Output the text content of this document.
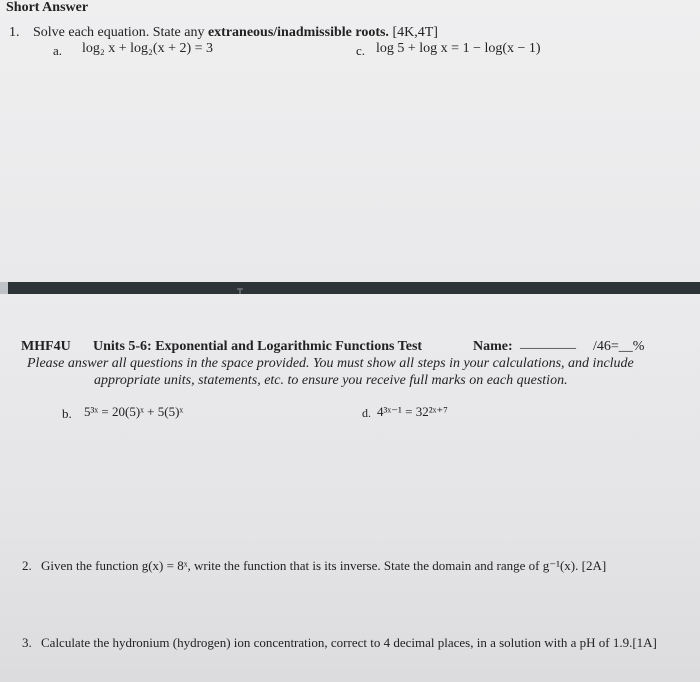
Short Answer
1. Solve each equation. State any extraneous/inadmissible roots. [4K,4T]
a. log₂ x + log₂(x + 2) = 3	c. log 5 + log x = 1 − log(x − 1)
MHF4U Units 5-6: Exponential and Logarithmic Functions Test	Name: ________ /46=__%
Please answer all questions in the space provided. You must show all steps in your calculations, and include
appropriate units, statements, etc. to ensure you receive full marks on each question.
b. 5³ˣ = 20(5)ˣ + 5(5)ˣ	d. 4³ˣ⁻¹ = 32²ˣ⁺⁷
2. Given the function g(x) = 8ˣ, write the function that is its inverse. State the domain and range of g⁻¹(x). [2A]
3. Calculate the hydronium (hydrogen) ion concentration, correct to 4 decimal places, in a solution with a pH of 1.9.[1A]
